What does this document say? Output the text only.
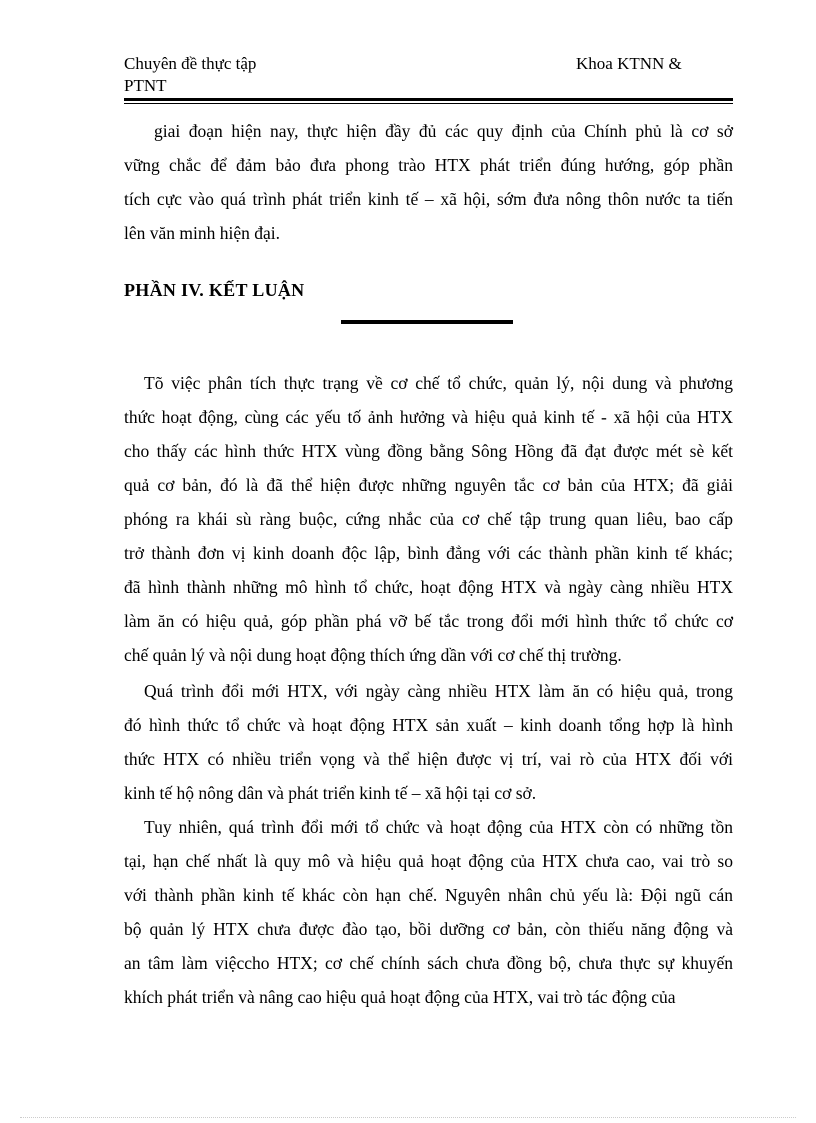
Chuyên đề thực tập
PTNT
Khoa KTNN &
giai đoạn hiện nay, thực hiện đầy đủ các quy định của Chính phủ là cơ sở
vững chắc để đảm bảo đưa phong trào HTX phát triển đúng hướng, góp phần
tích cực vào quá trình phát triển kinh tế – xã hội, sớm đưa nông thôn nước ta tiến
lên văn minh hiện đại.
PHẦN IV. KẾT LUẬN
Tõ việc phân tích thực trạng về cơ chế tổ chức, quản lý, nội dung và phương
thức hoạt động, cùng các yếu tố ảnh hưởng và hiệu quả kinh tế - xã hội của HTX
cho thấy các hình thức HTX vùng đồng bằng Sông Hồng đã đạt được mét sè kết
quả cơ bản, đó là đã thể hiện được những nguyên tắc cơ bản của HTX; đã giải
phóng ra khái sù ràng buộc, cứng nhắc của cơ chế tập trung quan liêu, bao cấp
trở thành đơn vị kinh doanh độc lập, bình đẳng với các thành phần kinh tế khác;
đã hình thành những mô hình tổ chức, hoạt động HTX và ngày càng nhiều HTX
làm ăn có hiệu quả, góp phần phá vỡ bế tắc trong đổi mới hình thức tổ chức cơ
chế quản lý và nội dung hoạt động thích ứng dần với cơ chế thị trường.
Quá trình đổi mới HTX, với ngày càng nhiều HTX làm ăn có hiệu quả, trong
đó hình thức tổ chức và hoạt động HTX sản xuất – kinh doanh tổng hợp là hình
thức HTX có nhiều triển vọng và thể hiện được vị trí, vai rò của HTX đối với
kinh tế hộ nông dân và phát triển kinh tế – xã hội tại cơ sở.
Tuy nhiên, quá trình đổi mới tổ chức và hoạt động của HTX còn có những tồn
tại, hạn chế nhất là quy mô và hiệu quả hoạt động của HTX chưa cao, vai trò so
với thành phần kinh tế khác còn hạn chế. Nguyên nhân chủ yếu là: Đội ngũ cán
bộ quản lý HTX chưa được đào tạo, bồi dưỡng cơ bản, còn thiếu năng động và
an tâm làm việccho HTX; cơ chế chính sách chưa đồng bộ, chưa thực sự khuyến
khích phát triển và nâng cao hiệu quả hoạt động của HTX, vai trò tác động của
